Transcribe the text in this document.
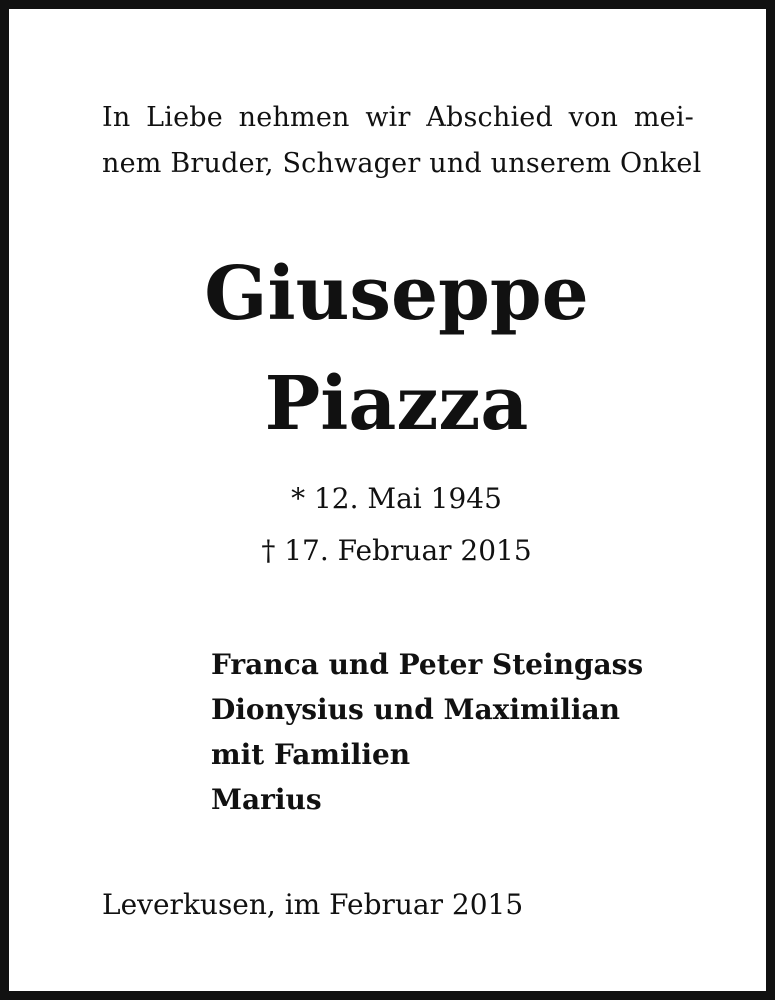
In Liebe nehmen wir Abschied von mei-
nem Bruder, Schwager und unserem Onkel
Giuseppe
Piazza
* 12. Mai 1945
† 17. Februar 2015
Franca und Peter Steingass
Dionysius und Maximilian
mit Familien
Marius
Leverkusen, im Februar 2015
